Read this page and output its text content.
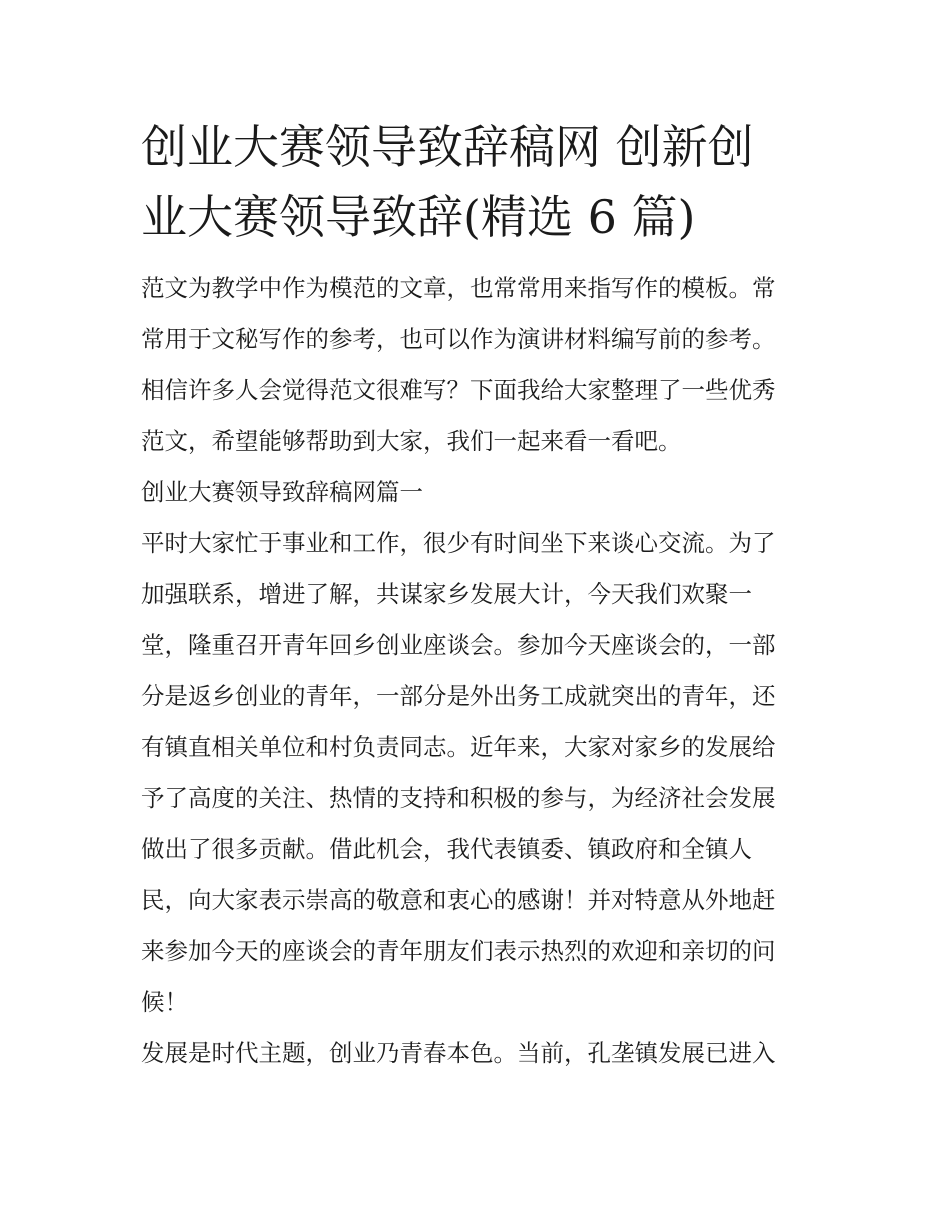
创业大赛领导致辞稿网 创新创
业大赛领导致辞(精选 6 篇)

范文为教学中作为模范的文章，也常常用来指写作的模板。常
常用于文秘写作的参考，也可以作为演讲材料编写前的参考。
相信许多人会觉得范文很难写？下面我给大家整理了一些优秀
范文，希望能够帮助到大家，我们一起来看一看吧。

创业大赛领导致辞稿网篇一

平时大家忙于事业和工作，很少有时间坐下来谈心交流。为了
加强联系，增进了解，共谋家乡发展大计，今天我们欢聚一
堂，隆重召开青年回乡创业座谈会。参加今天座谈会的，一部
分是返乡创业的青年，一部分是外出务工成就突出的青年，还
有镇直相关单位和村负责同志。近年来，大家对家乡的发展给
予了高度的关注、热情的支持和积极的参与，为经济社会发展
做出了很多贡献。借此机会，我代表镇委、镇政府和全镇人
民，向大家表示崇高的敬意和衷心的感谢！并对特意从外地赶
来参加今天的座谈会的青年朋友们表示热烈的欢迎和亲切的问
候！

发展是时代主题，创业乃青春本色。当前，孔垄镇发展已进入
